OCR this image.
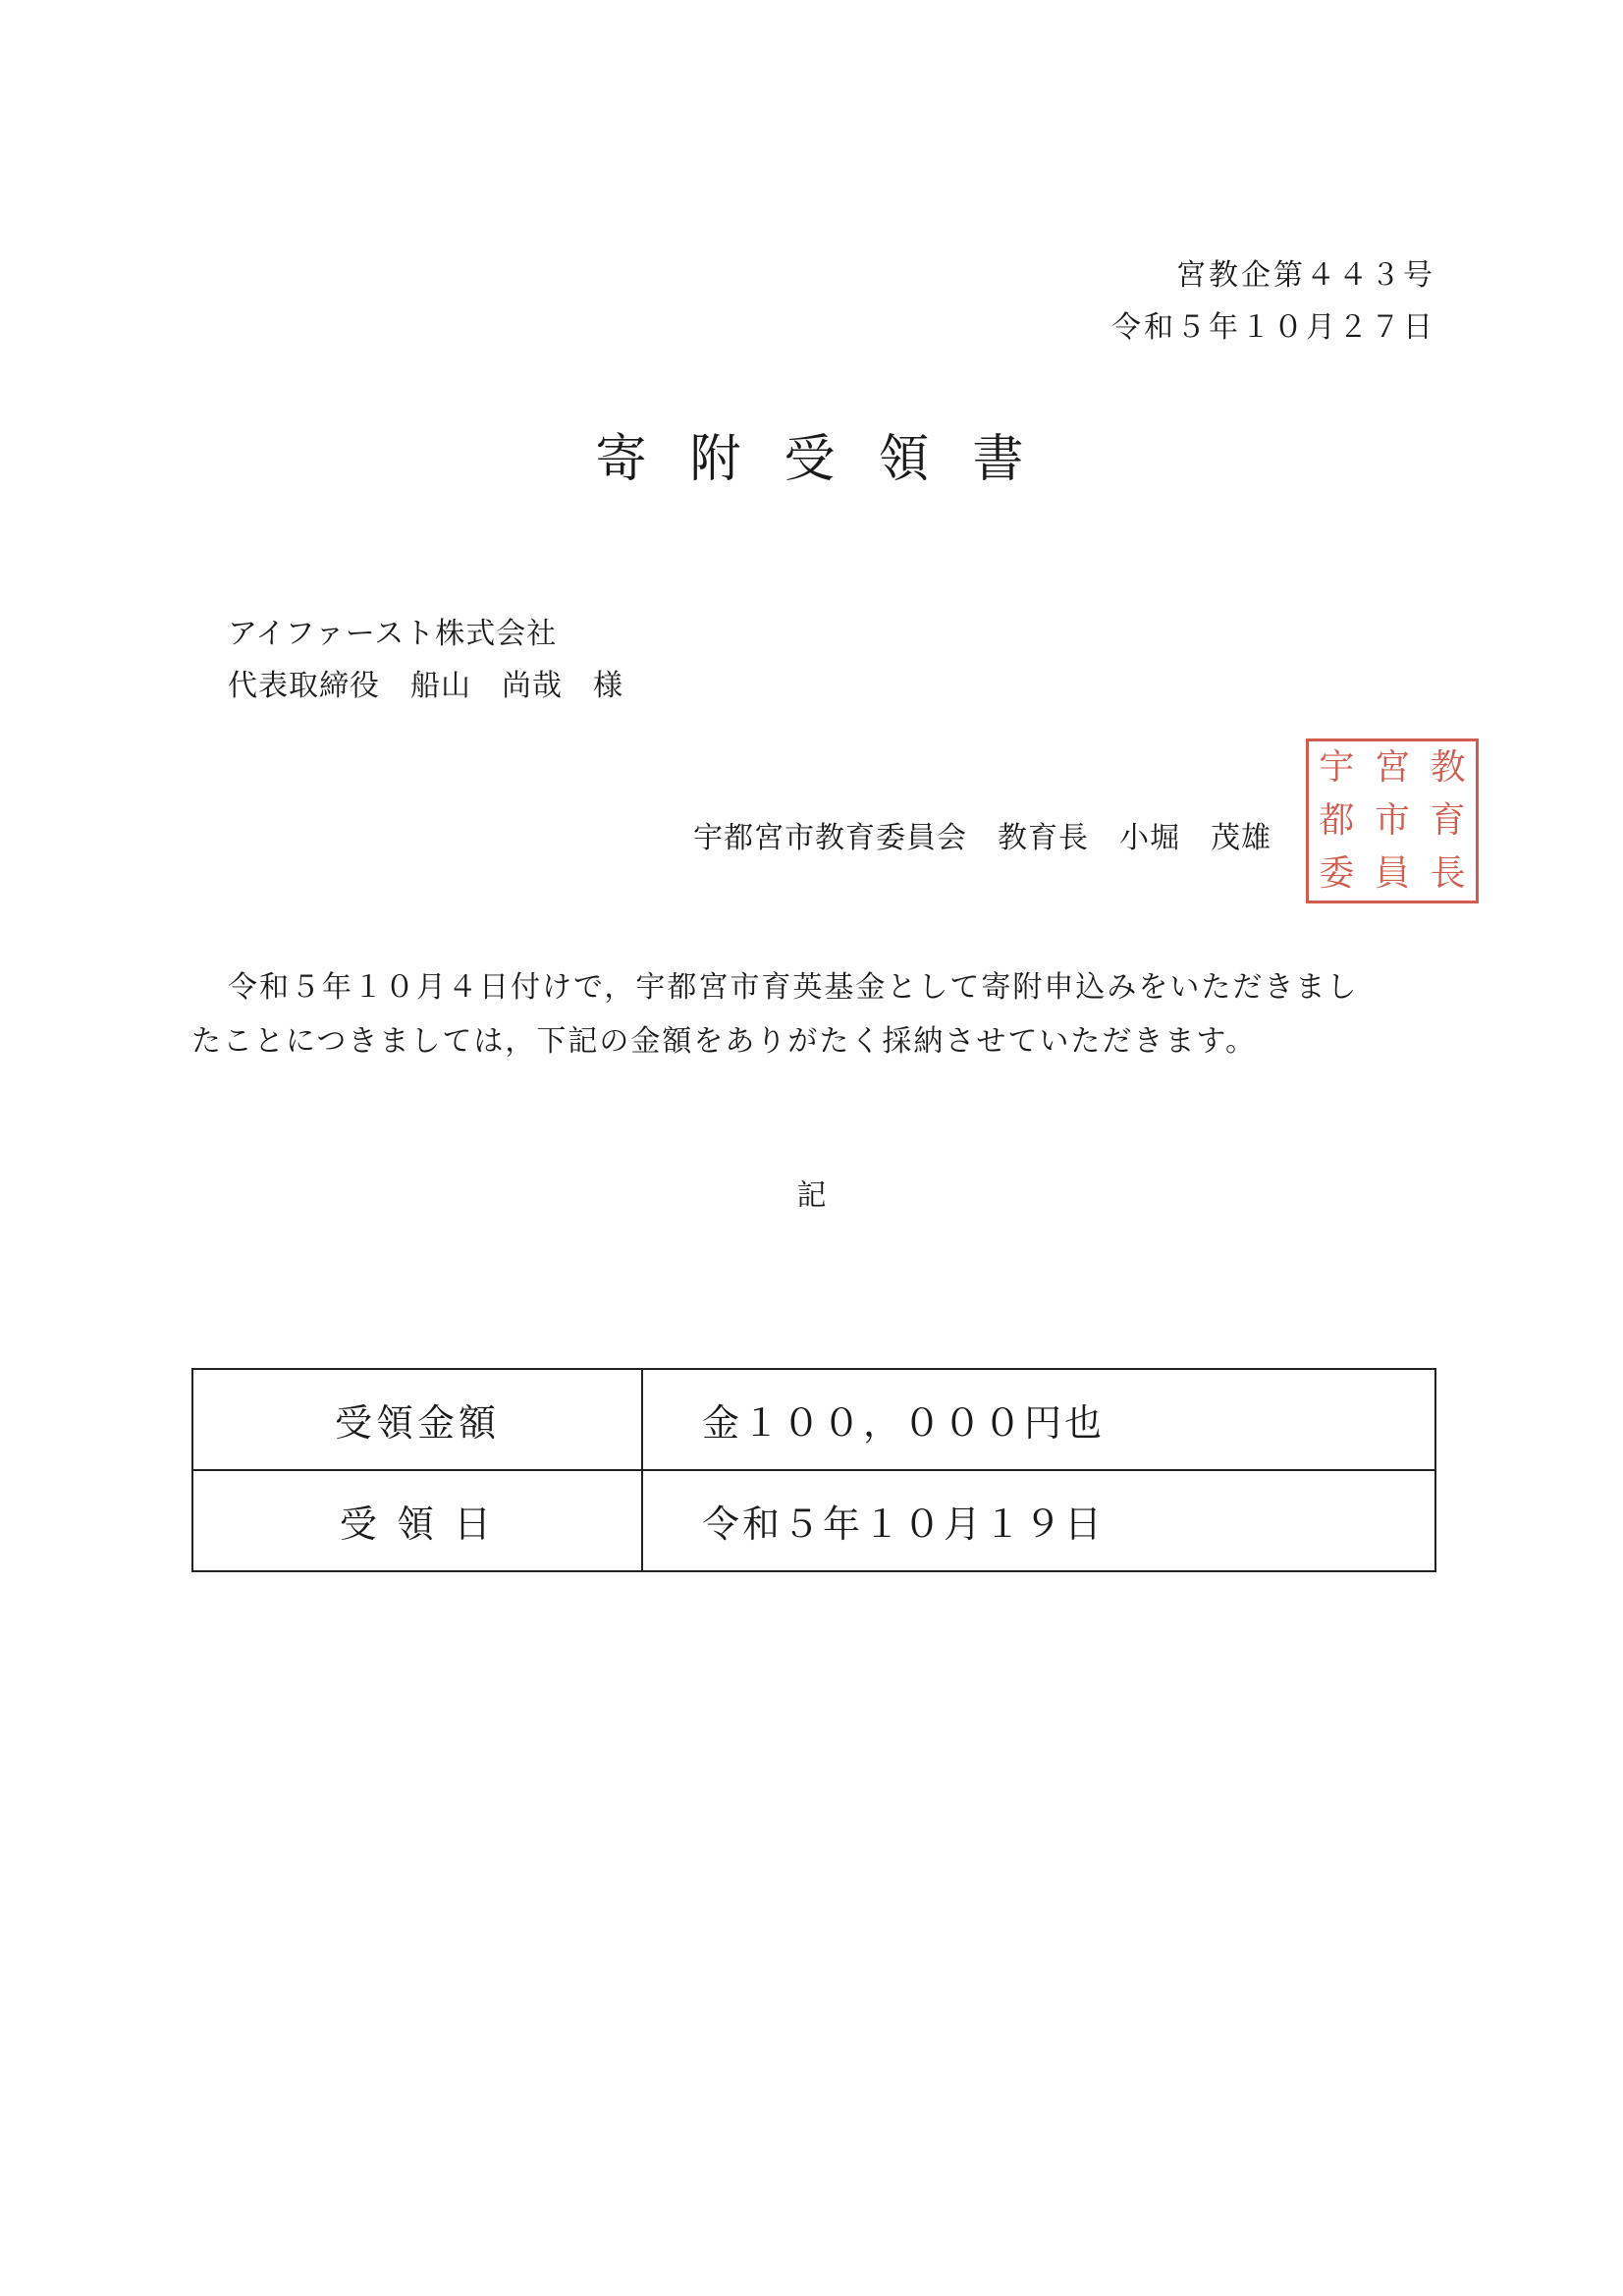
宮教企第４４３号
令和５年１０月２７日
寄附受領書
アイファースト株式会社
代表取締役　船山　尚哉　様
宇都宮市教育委員会　教育長　小堀　茂雄
宇 宮 教
都 市 育
委 員 長
令和５年１０月４日付けで，宇都宮市育英基金として寄附申込みをいただきまし
たことにつきましては，下記の金額をありがたく採納させていただきます。
記
受領金額	金１００，０００円也
受 領 日	令和５年１０月１９日
